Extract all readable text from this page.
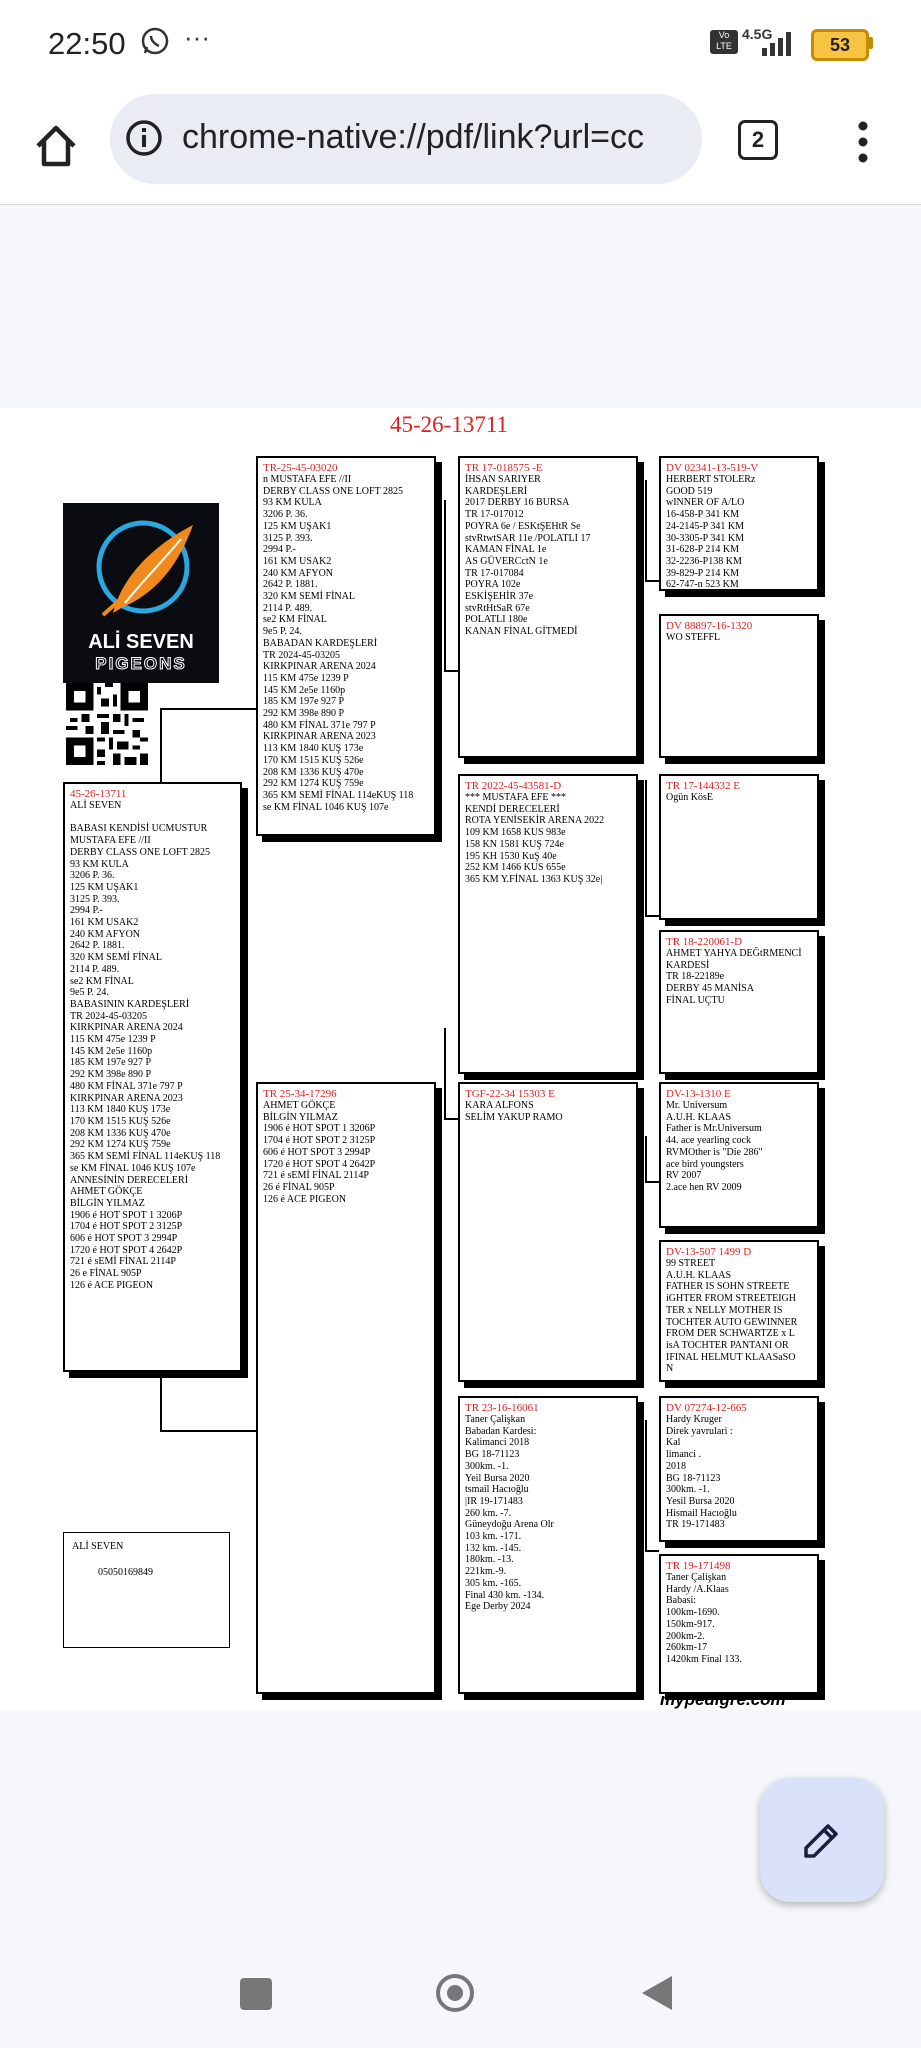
22:50 ···	Vo LTE
4.5G
53
chrome-native://pdf/link?url=cc	2
45-26-13711
ALİ SEVEN
PIGEONS
45-26-13711
ALİ SEVEN

BABASI KENDİSİ UCMUSTUR
MUSTAFA EFE //II
DERBY CLASS ONE LOFT 2825
93 KM KULA
3206 P. 36.
125 KM UŞAK1
3125 P. 393.
2994 P.-
161 KM USAK2
240 KM AFYON
2642 P. 1881.
320 KM SEMİ FİNAL
2114 P. 489.
se2 KM FİNAL
9e5 P. 24.
BABASININ KARDEŞLERİ
TR 2024-45-03205
KIRKPINAR ARENA 2024
115 KM 475e 1239 P
145 KM 2e5e 1160p
185 KM 197e 927 P
292 KM 398e 890 P
480 KM FİNAL 371e 797 P
KIRKPINAR ARENA 2023
113 KM 1840 KUŞ 173e
170 KM 1515 KUŞ 526e
208 KM 1336 KUŞ 470e
292 KM 1274 KUŞ 759e
365 KM SEMİ FİNAL 114eKUŞ 118
se KM FİNAL 1046 KUŞ 107e
ANNESİNİN DERECELERİ
AHMET GÖKÇE
BİLGİN YILMAZ
1906 é HOT SPOT 1 3206P
1704 é HOT SPOT 2 3125P
606 é HOT SPOT 3 2994P
1720 é HOT SPOT 4 2642P
721 é sEMİ FİNAL 2114P
26 e FİNAL 905P
126 é ACE PIGEON
TR-25-45-03020
n MUSTAFA EFE //II
DERBY CLASS ONE LOFT 2825
93 KM KULA
3206 P. 36.
125 KM UŞAK1
3125 P. 393.
2994 P.-
161 KM USAK2
240 KM AFYON
2642 P. 1881.
320 KM SEMİ FİNAL
2114 P. 489.
se2 KM FİNAL
9e5 P. 24.
BABADAN KARDEŞLERİ
TR 2024-45-03205
KIRKPINAR ARENA 2024
115 KM 475e 1239 P
145 KM 2e5e 1160p
185 KM 197e 927 P
292 KM 398e 890 P
480 KM FİNAL 371e 797 P
KIRKPINAR ARENA 2023
113 KM 1840 KUŞ 173e
170 KM 1515 KUŞ 526e
208 KM 1336 KUŞ 470e
292 KM 1274 KUŞ 759e
365 KM SEMİ FİNAL 114eKUŞ 118
se KM FİNAL 1046 KUŞ 107e
TR 25-34-17296
AHMET GÖKÇE
BİLGİN YILMAZ
1906 é HOT SPOT 1 3206P
1704 é HOT SPOT 2 3125P
606 é HOT SPOT 3 2994P
1720 é HOT SPOT 4 2642P
721 é sEMİ FİNAL 2114P
26 é FİNAL 905P
126 é ACE PIGEON
TR 17-018575 -E
İHSAN SARIYER
KARDEŞLERİ
2017 DERBY 16 BURSA
TR 17-017012
POYRA 6e / ESKtŞEHtR Se
stvRtwtSAR 11e /POLATLI 17
KAMAN FİNAL 1e
AS GÜVERCctN 1e
TR 17-017084
POYRA 102e
ESKİŞEHİR 37e
stvRtHtSaR 67e
POLATLI 180e
KANAN FİNAL GİTMEDİ
TR 2022-45-43581-D
*** MUSTAFA EFE ***
KENDİ DERECELERİ
ROTA YENİSEKİR ARENA 2022
109 KM 1658 KUS 983e
158 KN 1581 KUŞ 724e
195 KH 1530 KuŞ 40e
252 KM 1466 KUS 655e
365 KM Y.FİNAL 1363 KUŞ 32e|
TGF-22-34 15303 E
KARA ALFONS
SELİM YAKUP RAMO
TR 23-16-16061
Taner Çalişkan
Babadan Kardesi:
Kalimanci 2018
BG 18-71123
300km. -1.
Yeil Bursa 2020
tsmail Hacıoğlu
|IR 19-171483
260 km. -7.
Güneydoğu Arena Olr
103 km. -171.
132 km. -145.
180km. -13.
221km.-9.
305 km. -165.
Final 430 km. -134.
Ege Derby 2024
DV 02341-13-519-V
HERBERT STOLERz
GOOD 519
wINNER OF A/LO
16-458-P 341 KM
24-2145-P 341 KM
30-3305-P 341 KM
31-628-P 214 KM
32-2236-P138 KM
39-829-P 214 KM
62-747-n 523 KM
DV 88897-16-1320
WO STEFFL
TR 17-144332 E
Ogün KösE
TR 18-220061-D
AHMET YAHYA DEĞtRMENCİ
KARDESİ
TR 18-22189e
DERBY 45 MANİSA
FİNAL UÇTU
DV-13-1310 E
Mr. Universum
A.U.H. KLAAS
Father is Mr.Universum
44. ace yearling cock
RVMOther is "Die 286"
ace bird youngsters
RV 2007
2.ace hen RV 2009
DV-13-507 1499 D
99 STREET
A.U.H. KLAAS
FATHER IS SOHN STREETE
iGHTER FROM STREETEIGH
TER x NELLY MOTHER IS
TOCHTER AUTO GEWINNER
FROM DER SCHWARTZE x L
isA TOCHTER PANTANI OR
IFINAL HELMUT KLAASaSO
N
DV 07274-12-665
Hardy Kruger
Direk yavrulari :
Kal
limanci .
2018
BG 18-71123
300km. -1.
Yesil Bursa 2020
Hismail Hacıoğlu
TR 19-171483
TR 19-171498
Taner Çalişkan
Hardy /A.Klaas
Babasi:
100km-1690.
150km-917.
200km-2.
260km-17
1420km Final 133.
ALİ SEVEN
05050169849
mypedigre.com
